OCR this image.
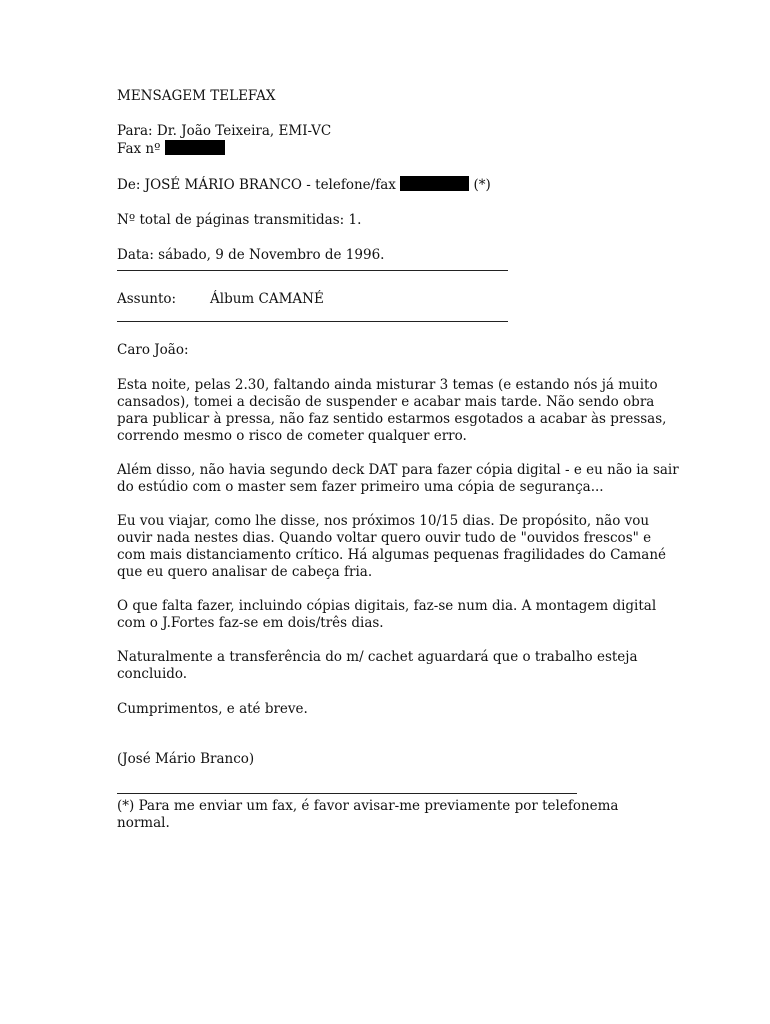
MENSAGEM TELEFAX
Para: Dr. João Teixeira, EMI-VC
Fax nº
De: JOSÉ MÁRIO BRANCO - telefone/fax	(*)
Nº total de páginas transmitidas: 1.
Data: sábado, 9 de Novembro de 1996.
Assunto:	Álbum CAMANÉ
Caro João:
Esta noite, pelas 2.30, faltando ainda misturar 3 temas (e estando nós já muito
cansados), tomei a decisão de suspender e acabar mais tarde. Não sendo obra
para publicar à pressa, não faz sentido estarmos esgotados a acabar às pressas,
correndo mesmo o risco de cometer qualquer erro.
Além disso, não havia segundo deck DAT para fazer cópia digital - e eu não ia sair
do estúdio com o master sem fazer primeiro uma cópia de segurança...
Eu vou viajar, como lhe disse, nos próximos 10/15 dias. De propósito, não vou
ouvir nada nestes dias. Quando voltar quero ouvir tudo de "ouvidos frescos" e
com mais distanciamento crítico. Há algumas pequenas fragilidades do Camané
que eu quero analisar de cabeça fria.
O que falta fazer, incluindo cópias digitais, faz-se num dia. A montagem digital
com o J.Fortes faz-se em dois/três dias.
Naturalmente a transferência do m/ cachet aguardará que o trabalho esteja
concluido.
Cumprimentos, e até breve.
(José Mário Branco)
(*) Para me enviar um fax, é favor avisar-me previamente por telefonema
normal.
